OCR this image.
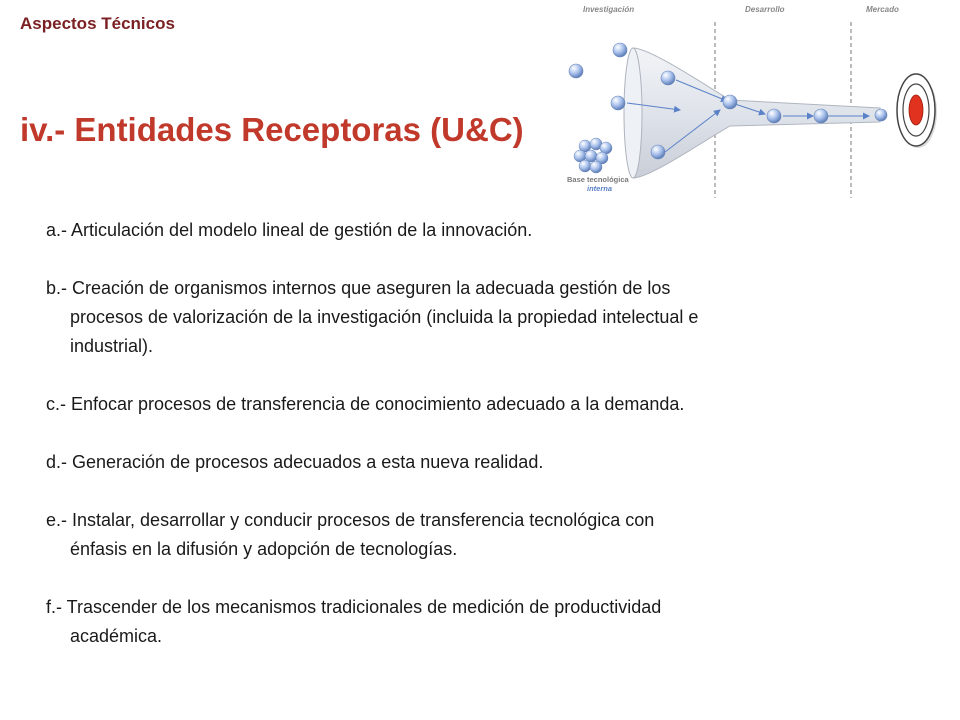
Aspectos Técnicos
Investigación	Desarrollo	Mercado
Base tecnológica
interna
iv.- Entidades Receptoras (U&C)
a.- Articulación del modelo lineal de gestión de la innovación.
b.- Creación de organismos internos que aseguren la adecuada gestión de los
procesos de valorización de la investigación (incluida la propiedad intelectual e
industrial).
c.- Enfocar procesos de transferencia de conocimiento adecuado a la demanda.
d.- Generación de procesos adecuados a esta nueva realidad.
e.- Instalar, desarrollar y conducir procesos de transferencia tecnológica con
énfasis en la difusión y adopción de tecnologías.
f.- Trascender de los mecanismos tradicionales de medición de productividad
académica.
